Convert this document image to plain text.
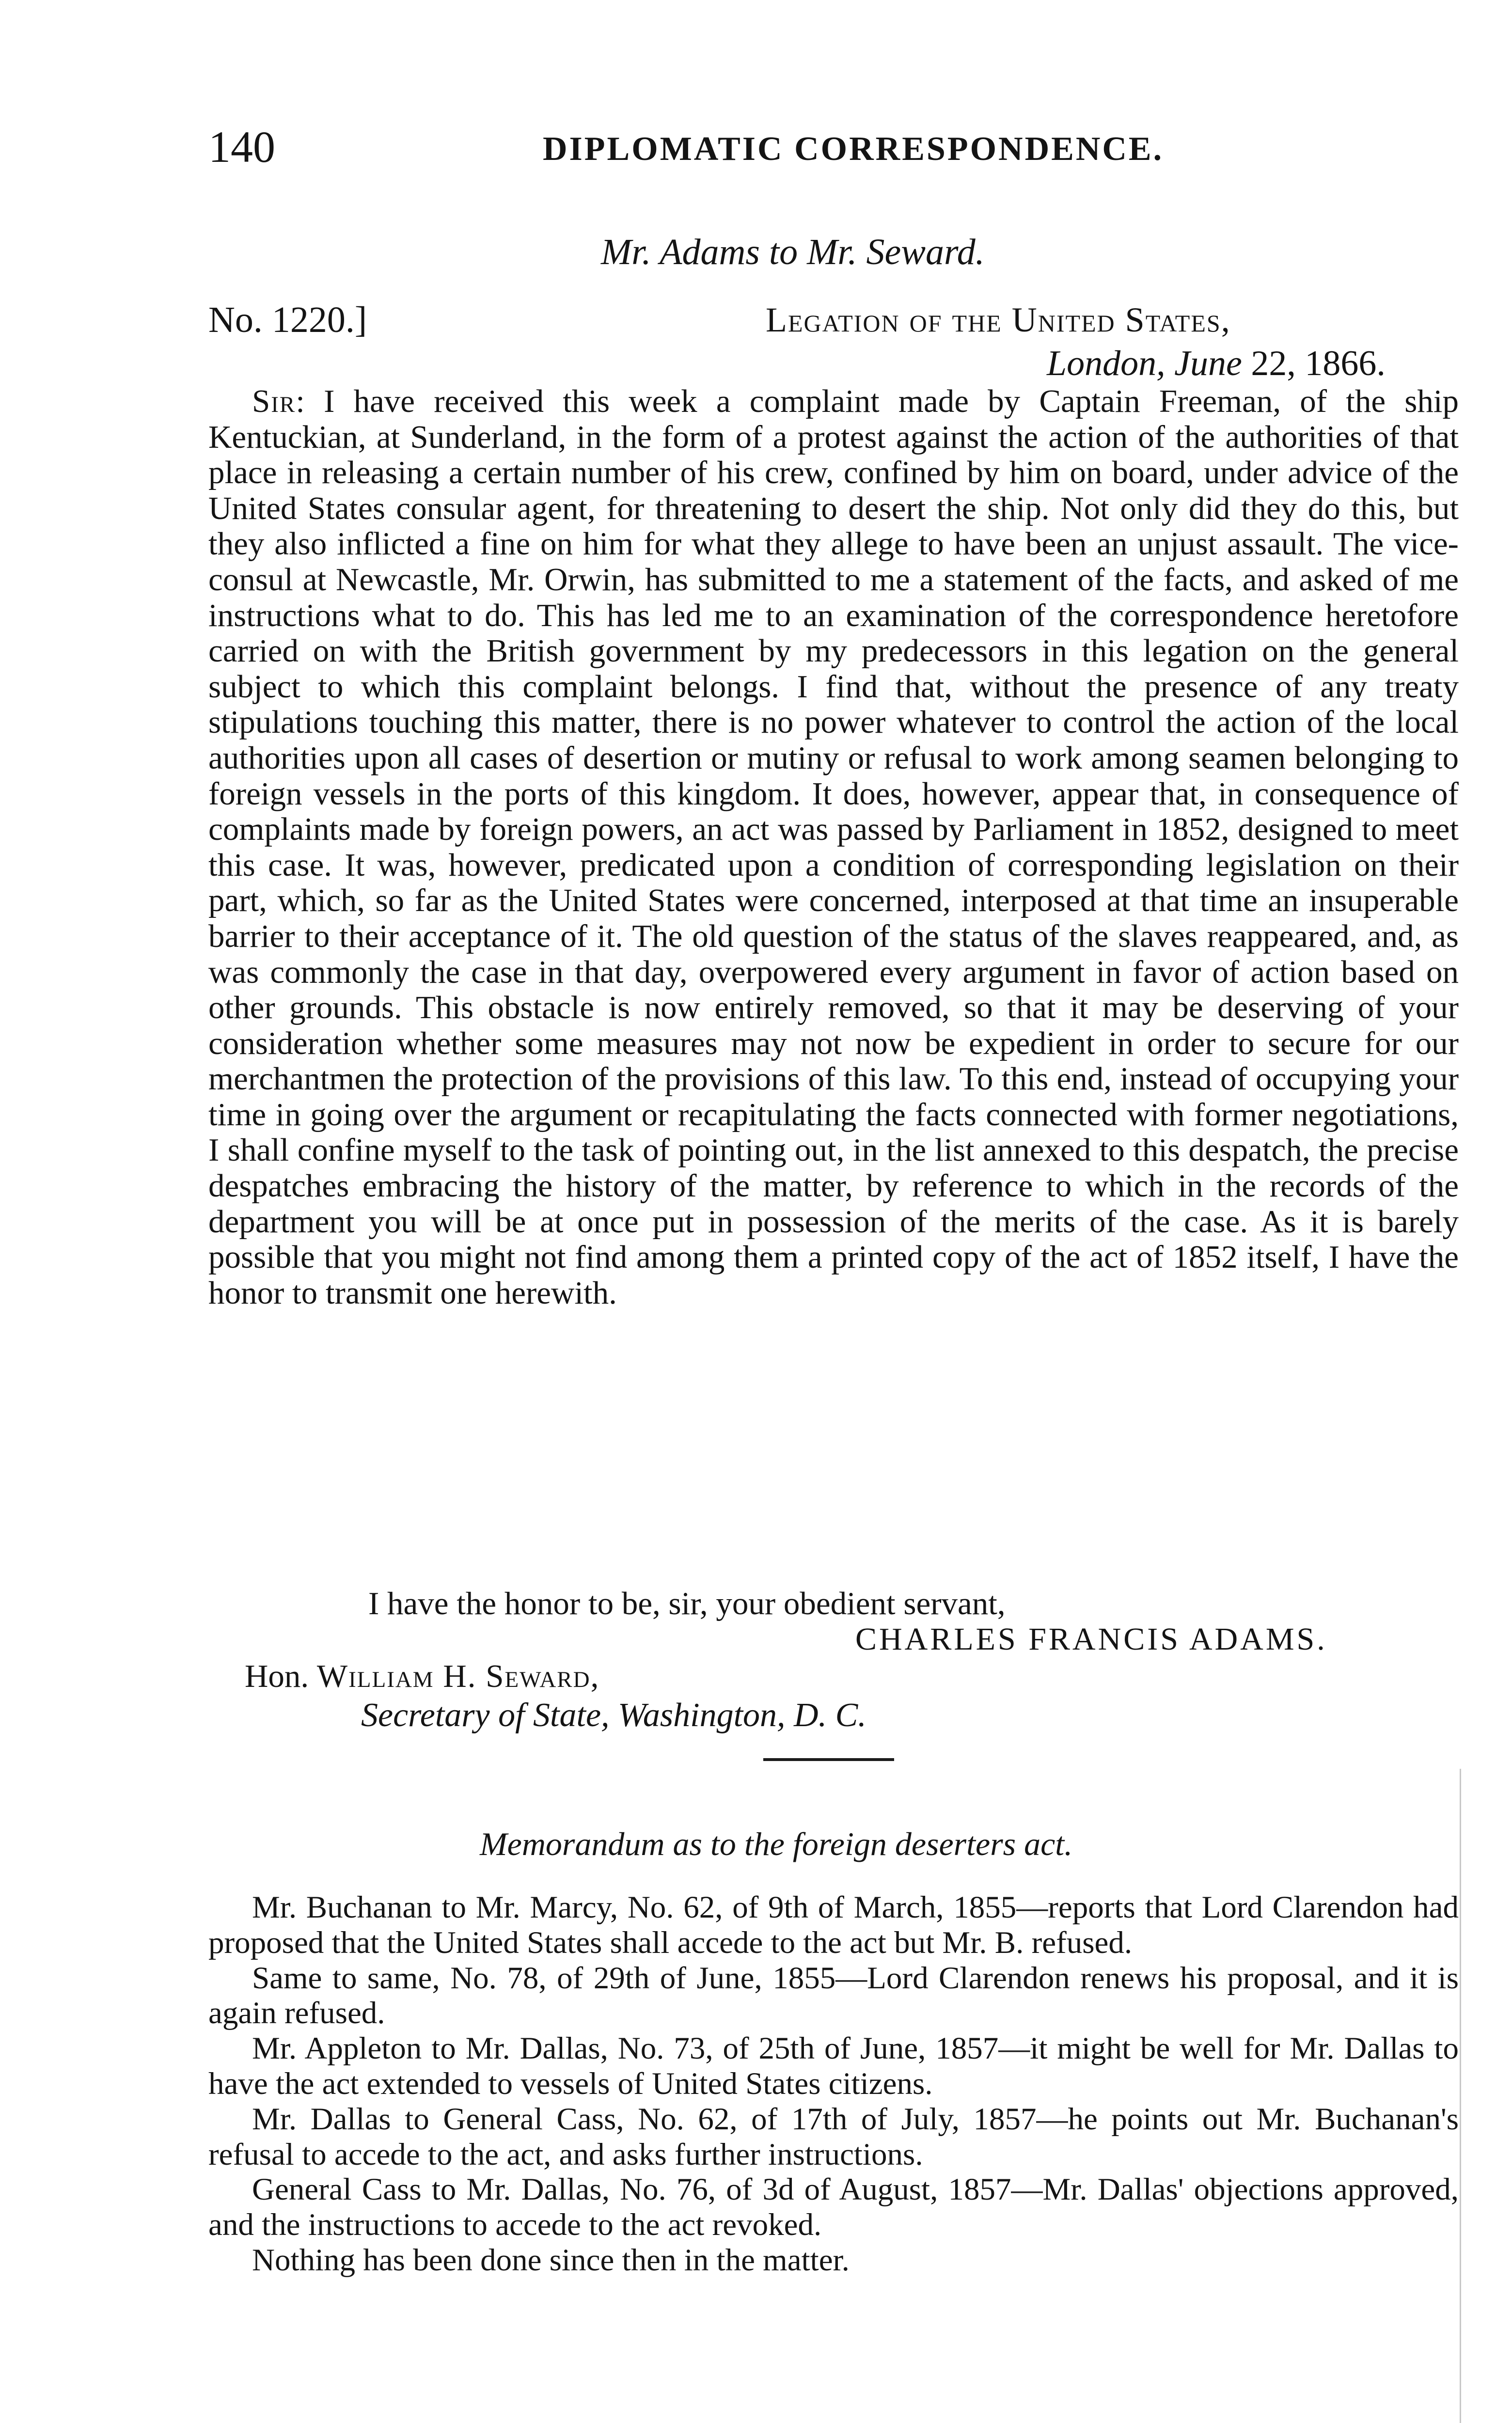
140	DIPLOMATIC CORRESPONDENCE.
Mr. Adams to Mr. Seward.
No. 1220.]	Legation of the United States,
London, June 22, 1866.

Sir: I have received this week a complaint made by Captain Freeman, of the ship Kentuckian, at Sunderland, in the form of a protest against the action of the authorities of that place in releasing a certain number of his crew, confined by him on board, under advice of the United States consular agent, for threatening to desert the ship. Not only did they do this, but they also inflicted a fine on him for what they allege to have been an unjust assault. The vice-consul at Newcastle, Mr. Orwin, has submitted to me a statement of the facts, and asked of me instructions what to do. This has led me to an examination of the correspondence heretofore carried on with the British government by my predecessors in this legation on the general subject to which this complaint belongs. I find that, without the presence of any treaty stipulations touching this matter, there is no power whatever to control the action of the local authorities upon all cases of desertion or mutiny or refusal to work among seamen belonging to foreign vessels in the ports of this kingdom. It does, however, appear that, in consequence of complaints made by foreign powers, an act was passed by Parliament in 1852, designed to meet this case. It was, however, predicated upon a condition of corresponding legislation on their part, which, so far as the United States were concerned, interposed at that time an insuperable barrier to their acceptance of it. The old question of the status of the slaves reappeared, and, as was commonly the case in that day, overpowered every argument in favor of action based on other grounds. This obstacle is now entirely removed, so that it may be deserving of your consideration whether some measures may not now be expedient in order to secure for our merchantmen the protection of the provisions of this law. To this end, instead of occupying your time in going over the argument or recapitulating the facts connected with former negotiations, I shall confine myself to the task of pointing out, in the list annexed to this despatch, the precise despatches embracing the history of the matter, by reference to which in the records of the department you will be at once put in possession of the merits of the case. As it is barely possible that you might not find among them a printed copy of the act of 1852 itself, I have the honor to transmit one herewith.

I have the honor to be, sir, your obedient servant,
CHARLES FRANCIS ADAMS.
Hon. William H. Seward,
Secretary of State, Washington, D. C.
Memorandum as to the foreign deserters act.
Mr. Buchanan to Mr. Marcy, No. 62, of 9th of March, 1855—reports that Lord Clarendon had proposed that the United States shall accede to the act but Mr. B. refused.
Same to same, No. 78, of 29th of June, 1855—Lord Clarendon renews his proposal, and it is again refused.
Mr. Appleton to Mr. Dallas, No. 73, of 25th of June, 1857—it might be well for Mr. Dallas to have the act extended to vessels of United States citizens.
Mr. Dallas to General Cass, No. 62, of 17th of July, 1857—he points out Mr. Buchanan's refusal to accede to the act, and asks further instructions.
General Cass to Mr. Dallas, No. 76, of 3d of August, 1857—Mr. Dallas' objections approved, and the instructions to accede to the act revoked.
Nothing has been done since then in the matter.
